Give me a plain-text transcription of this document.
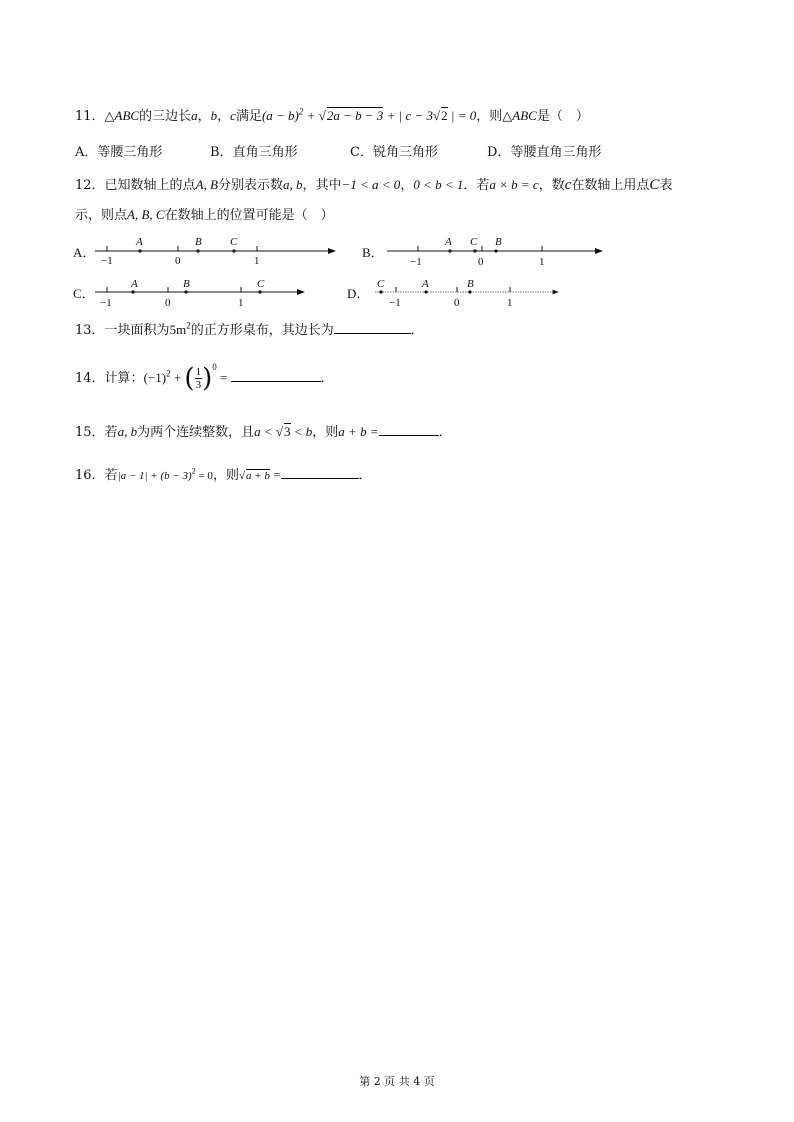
11．△ABC的三边长a，b，c满足$(a - b)^2 + √2a - b - 3$ + | c − 3√2 | = 0，则△ABC是（　）
A．等腰三角形	B．直角三角形	C．锐角三角形	D．等腰直角三角形
12．已知数轴上的点A, B分别表示数a, b，其中−1 < a < 0，0 < b < 1．若a × b = c，数c在数轴上用点C表
示，则点A, B, C在数轴上的位置可能是（　）
A．
A	B	C
−1	0	1
B．
A C B
−1	0	1
C．
A	B	C
−1	0	1
D．
C	A	B
−1	0	1
13．一块面积为$5m^2$的正方形桌布，其边长为	．
14．计算：$(-1)^2$ + ( $\frac{1}{3} )^0$ =	．
15．若a, b为两个连续整数，且a < √3 < b，则a + b =	．
16．若$|a - 1| + (b - 3)^2 = 0$，则√a + b =	．
第 2 页 共 4 页
